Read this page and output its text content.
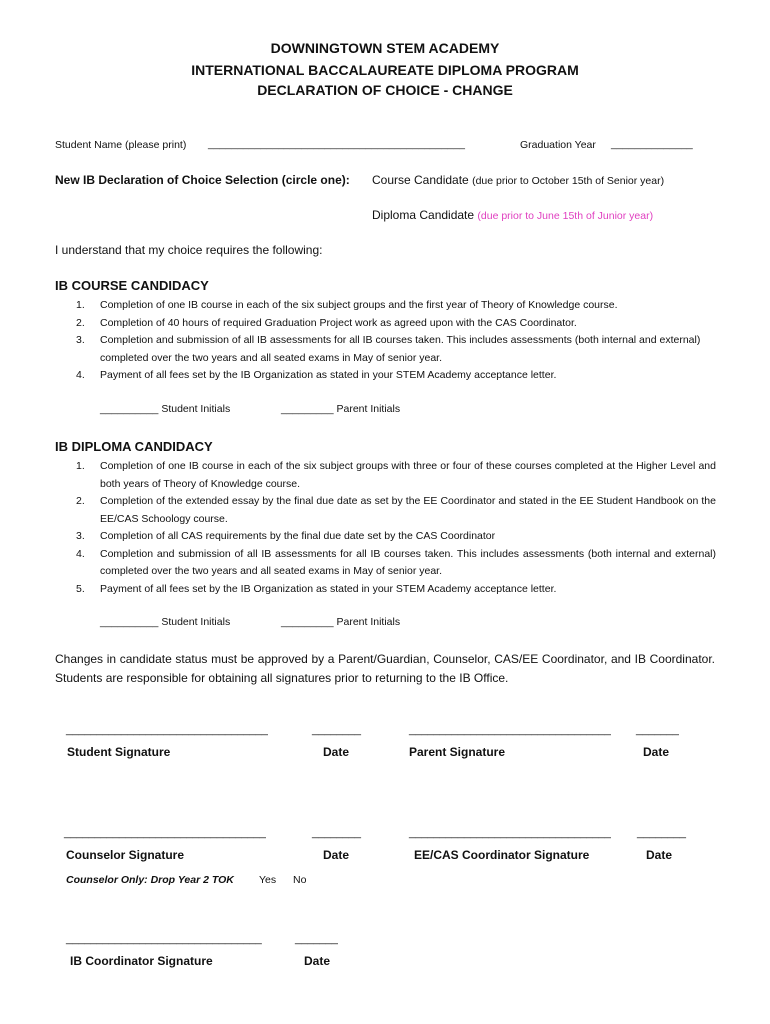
DOWNINGTOWN STEM ACADEMY
INTERNATIONAL BACCALAUREATE DIPLOMA PROGRAM
DECLARATION OF CHOICE - CHANGE
Student Name (please print) ____________________________________________	Graduation Year ______________
New IB Declaration of Choice Selection (circle one): Course Candidate (due prior to October 15th of Senior year)
Diploma Candidate (due prior to June 15th of Junior year)
I understand that my choice requires the following:
IB COURSE CANDIDACY
1.	Completion of one IB course in each of the six subject groups and the first year of Theory of Knowledge course.
2.	Completion of 40 hours of required Graduation Project work as agreed upon with the CAS Coordinator.
3.	Completion and submission of all IB assessments for all IB courses taken. This includes assessments (both internal and external) completed over the two years and all seated exams in May of senior year.
4.	Payment of all fees set by the IB Organization as stated in your STEM Academy acceptance letter.
__________ Student Initials	_________ Parent Initials
IB DIPLOMA CANDIDACY
1.	Completion of one IB course in each of the six subject groups with three or four of these courses completed at the Higher Level and both years of Theory of Knowledge course.
2.	Completion of the extended essay by the final due date as set by the EE Coordinator and stated in the EE Student Handbook on the EE/CAS Schoology course.
3.	Completion of all CAS requirements by the final due date set by the CAS Coordinator
4.	Completion and submission of all IB assessments for all IB courses taken. This includes assessments (both internal and external) completed over the two years and all seated exams in May of senior year.
5.	Payment of all fees set by the IB Organization as stated in your STEM Academy acceptance letter.
__________ Student Initials	_________ Parent Initials
Changes in candidate status must be approved by a Parent/Guardian, Counselor, CAS/EE Coordinator, and IB Coordinator. Students are responsible for obtaining all signatures prior to returning to the IB Office.
_________________________________	________	_________________________________ _______
Student Signature	Date	Parent Signature	Date
_________________________________	________	_________________________________ ________
Counselor Signature	Date	EE/CAS Coordinator Signature	Date
Counselor Only: Drop Year 2 TOK Yes No
________________________________	_______
IB Coordinator Signature	Date
